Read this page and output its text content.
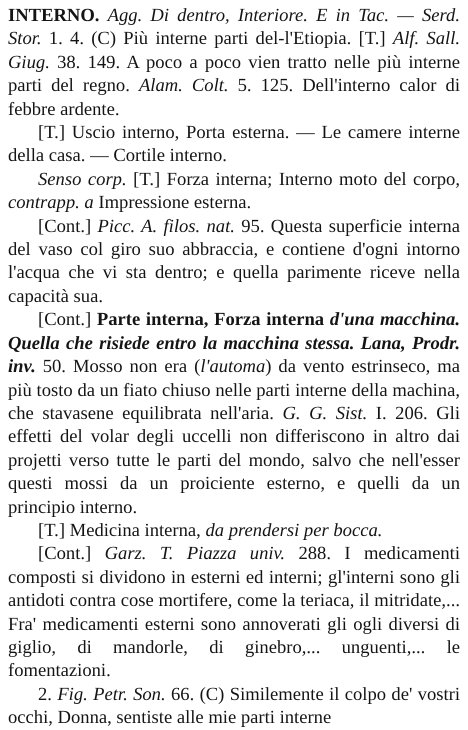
INTERNO. Agg. Di dentro, Interiore. E in Tac. — Serd. Stor. 1. 4. (C) Più interne parti del-l'Etiopia. [T.] Alf. Sall. Giug. 38. 149. A poco a poco vien tratto nelle più interne parti del regno. Alam. Colt. 5. 125. Dell'interno calor di febbre ardente.

[T.] Uscio interno, Porta esterna. — Le camere interne della casa. — Cortile interno.

Senso corp. [T.] Forza interna; Interno moto del corpo, contrapp. a Impressione esterna.

[Cont.] Picc. A. filos. nat. 95. Questa superficie interna del vaso col giro suo abbraccia, e contiene d'ogni intorno l'acqua che vi sta dentro; e quella parimente riceve nella capacità sua.

[Cont.] Parte interna, Forza interna d'una macchina. Quella che risiede entro la macchina stessa. Lana, Prodr. inv. 50. Mosso non era (l'automa) da vento estrinseco, ma più tosto da un fiato chiuso nelle parti interne della machina, che stavasene equilibrata nell'aria. G. G. Sist. I. 206. Gli effetti del volar degli uccelli non differiscono in altro dai projetti verso tutte le parti del mondo, salvo che nell'esser questi mossi da un proiciente esterno, e quelli da un principio interno.

[T.] Medicina interna, da prendersi per bocca.

[Cont.] Garz. T. Piazza univ. 288. I medicamenti composti si dividono in esterni ed interni; gl'interni sono gli antidoti contra cose mortifere, come la teriaca, il mitridate,... Fra' medicamenti esterni sono annoverati gli ogli diversi di giglio, di mandorle, di ginebro,... unguenti,... le fomentazioni.

2. Fig. Petr. Son. 66. (C) Similemente il colpo de' vostri occhi, Donna, sentiste alle mie parti interne
